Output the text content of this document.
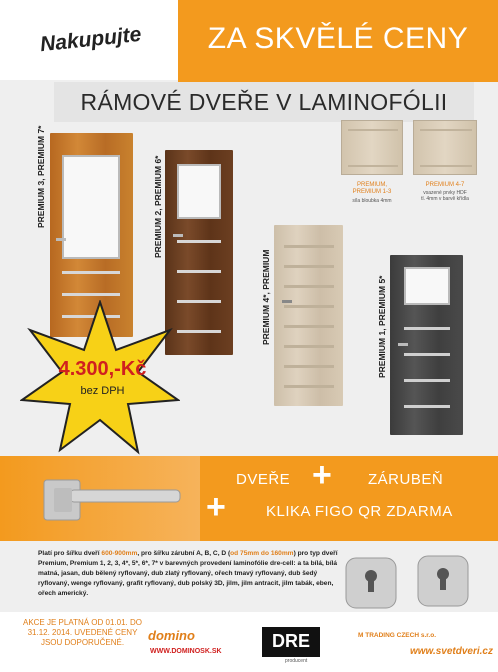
ZA SKVĚLÉ CENY
Nakupujte
RÁMOVÉ DVEŘE V LAMINOFÓLII
PREMIUM 3, PREMIUM 7*	PREMIUM 2, PREMIUM 6*
PREMIUM 4*, PREMIUM	PREMIUM 1, PREMIUM 5*
PREMIUM,
PREMIUM 1-3
síla bloubka 4mm
PREMIUM 4-7
vsazené prvky HDF
tl. 4mm v barvě křídla
4.300,-Kč
bez DPH
+
+
DVEŘE	ZÁRUBEŇ
KLIKA FIGO QR ZDARMA
Platí pro šířku dveří 600-900mm, pro šířku zárubní A, B, C, D (od 75mm do 160mm) pro typ dveří Premium, Premium 1, 2, 3, 4*, 5*, 6*, 7* v barevných provedení laminofólie dre-cell: a ta bílá, bílá matná, jasan, dub bělený ryflovaný, dub zlatý ryflovaný, ořech tmavý ryflovaný, dub šedý ryflovaný, wenge ryflovaný, grafit ryflovaný, dub polský 3D, jilm, jilm antracit, jilm tabák, eben, ořech americký.
AKCE JE PLATNÁ OD 01.01. DO 31.12. 2014. UVEDENÉ CENY JSOU DOPORUČENÉ.	domino
WWW.DOMINOSK.SK
DRE
producent
M TRADING CZECH s.r.o.
www.svetdveri.cz
